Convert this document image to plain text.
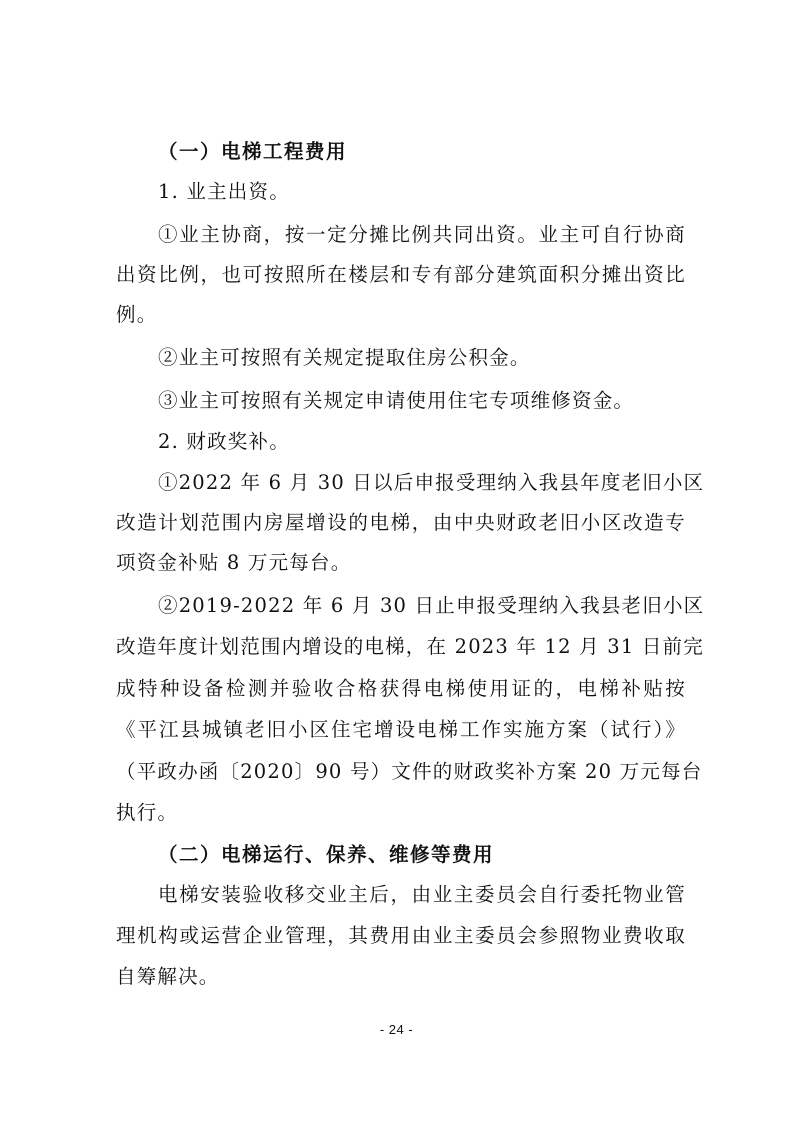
（一）电梯工程费用
1. 业主出资。
①业主协商，按一定分摊比例共同出资。业主可自行协商
出资比例，也可按照所在楼层和专有部分建筑面积分摊出资比
例。
②业主可按照有关规定提取住房公积金。
③业主可按照有关规定申请使用住宅专项维修资金。
2. 财政奖补。
①2022 年 6 月 30 日以后申报受理纳入我县年度老旧小区
改造计划范围内房屋增设的电梯，由中央财政老旧小区改造专
项资金补贴 8 万元每台。
②2019-2022 年 6 月 30 日止申报受理纳入我县老旧小区
改造年度计划范围内增设的电梯，在 2023 年 12 月 31 日前完
成特种设备检测并验收合格获得电梯使用证的，电梯补贴按
《平江县城镇老旧小区住宅增设电梯工作实施方案（试行）》
（平政办函〔2020〕90 号）文件的财政奖补方案 20 万元每台
执行。
（二）电梯运行、保养、维修等费用
电梯安装验收移交业主后，由业主委员会自行委托物业管
理机构或运营企业管理，其费用由业主委员会参照物业费收取
自筹解决。
- 24 -
